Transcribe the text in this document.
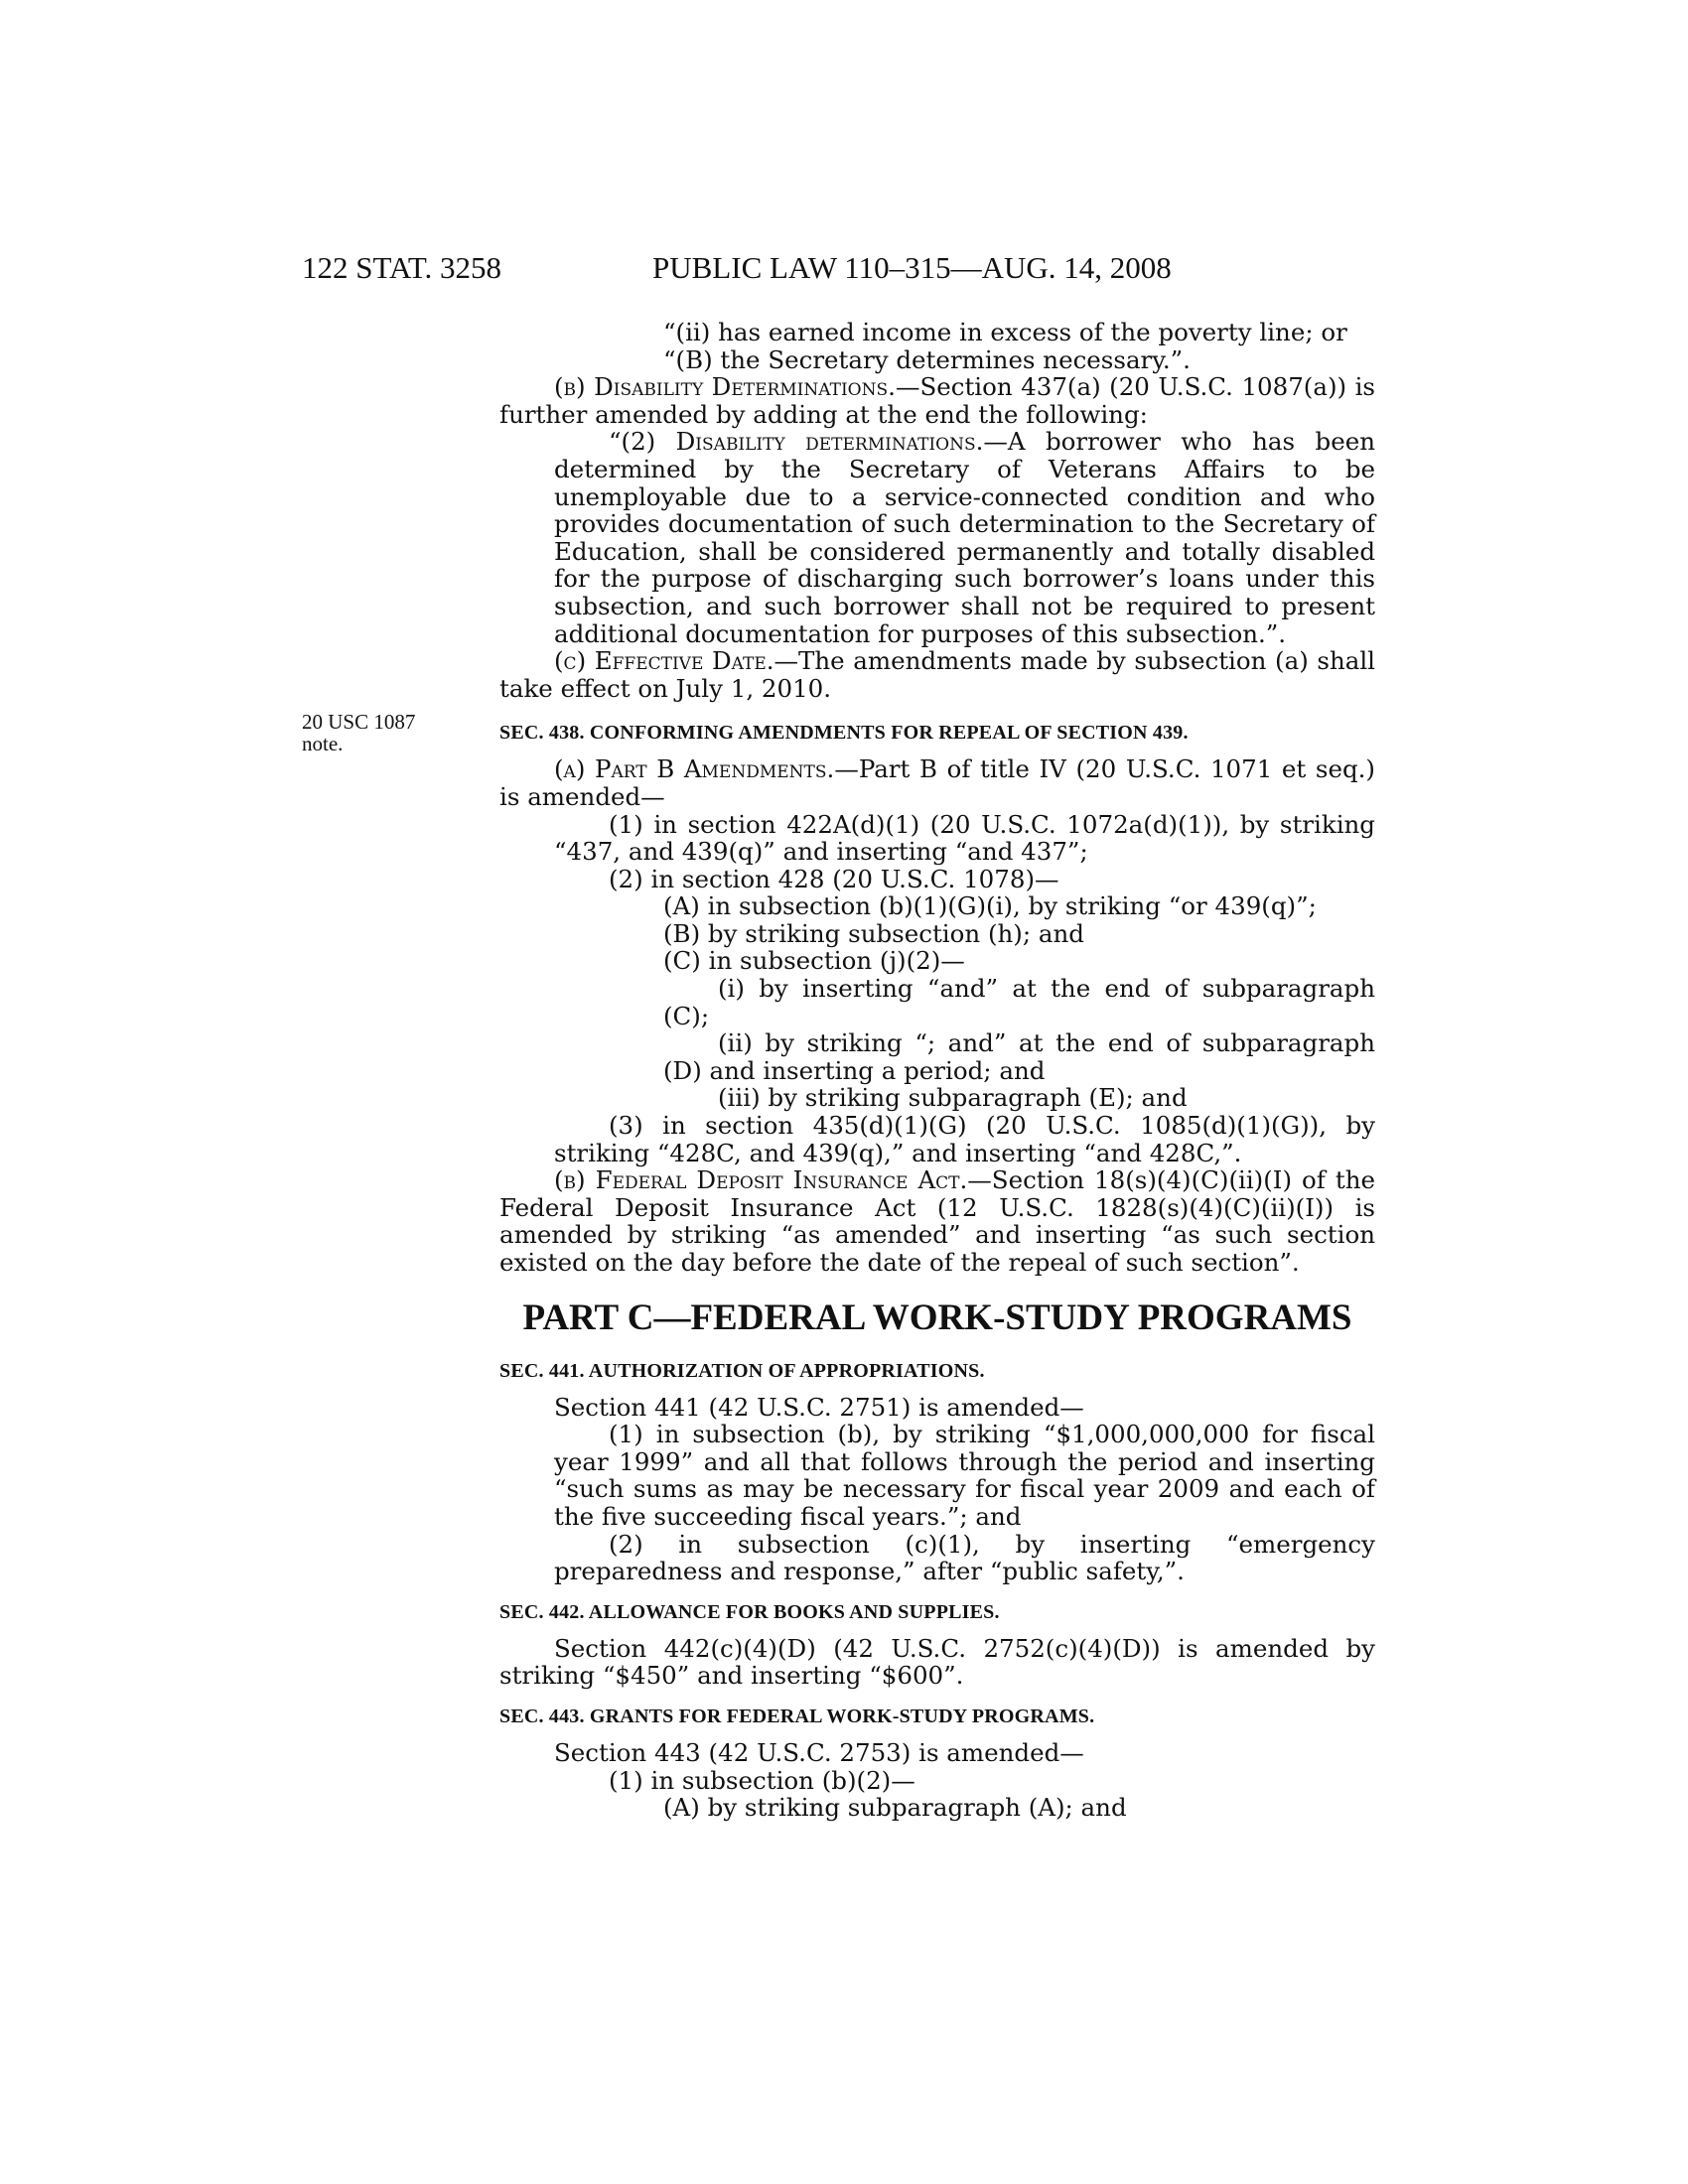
122 STAT. 3258	PUBLIC LAW 110–315—AUG. 14, 2008
20 USC 1087
note.

“(ii) has earned income in excess of the poverty line; or

“(B) the Secretary determines necessary.”.

(b) Disability Determinations.—Section 437(a) (20 U.S.C. 1087(a)) is further amended by adding at the end the following:

“(2) Disability determinations.—A borrower who has been determined by the Secretary of Veterans Affairs to be unemployable due to a service-connected condition and who provides documentation of such determination to the Secretary of Education, shall be considered permanently and totally disabled for the purpose of discharging such borrower’s loans under this subsection, and such borrower shall not be required to present additional documentation for purposes of this subsection.”.

(c) Effective Date.—The amendments made by subsection (a) shall take effect on July 1, 2010.

SEC. 438. CONFORMING AMENDMENTS FOR REPEAL OF SECTION 439.

(a) Part B Amendments.—Part B of title IV (20 U.S.C. 1071 et seq.) is amended—

(1) in section 422A(d)(1) (20 U.S.C. 1072a(d)(1)), by striking “437, and 439(q)” and inserting “and 437”;

(2) in section 428 (20 U.S.C. 1078)—

(A) in subsection (b)(1)(G)(i), by striking “or 439(q)”;

(B) by striking subsection (h); and

(C) in subsection (j)(2)—

(i) by inserting “and” at the end of subparagraph (C);

(ii) by striking “; and” at the end of subparagraph (D) and inserting a period; and

(iii) by striking subparagraph (E); and

(3) in section 435(d)(1)(G) (20 U.S.C. 1085(d)(1)(G)), by striking “428C, and 439(q),” and inserting “and 428C,”.

(b) Federal Deposit Insurance Act.—Section 18(s)(4)(C)(ii)(I) of the Federal Deposit Insurance Act (12 U.S.C. 1828(s)(4)(C)(ii)(I)) is amended by striking “as amended” and inserting “as such section existed on the day before the date of the repeal of such section”.

PART C—FEDERAL WORK-STUDY PROGRAMS

SEC. 441. AUTHORIZATION OF APPROPRIATIONS.

Section 441 (42 U.S.C. 2751) is amended—

(1) in subsection (b), by striking “$1,000,000,000 for fiscal year 1999” and all that follows through the period and inserting “such sums as may be necessary for fiscal year 2009 and each of the five succeeding fiscal years.”; and

(2) in subsection (c)(1), by inserting “emergency preparedness and response,” after “public safety,”.

SEC. 442. ALLOWANCE FOR BOOKS AND SUPPLIES.

Section 442(c)(4)(D) (42 U.S.C. 2752(c)(4)(D)) is amended by striking “$450” and inserting “$600”.

SEC. 443. GRANTS FOR FEDERAL WORK-STUDY PROGRAMS.

Section 443 (42 U.S.C. 2753) is amended—

(1) in subsection (b)(2)—

(A) by striking subparagraph (A); and
